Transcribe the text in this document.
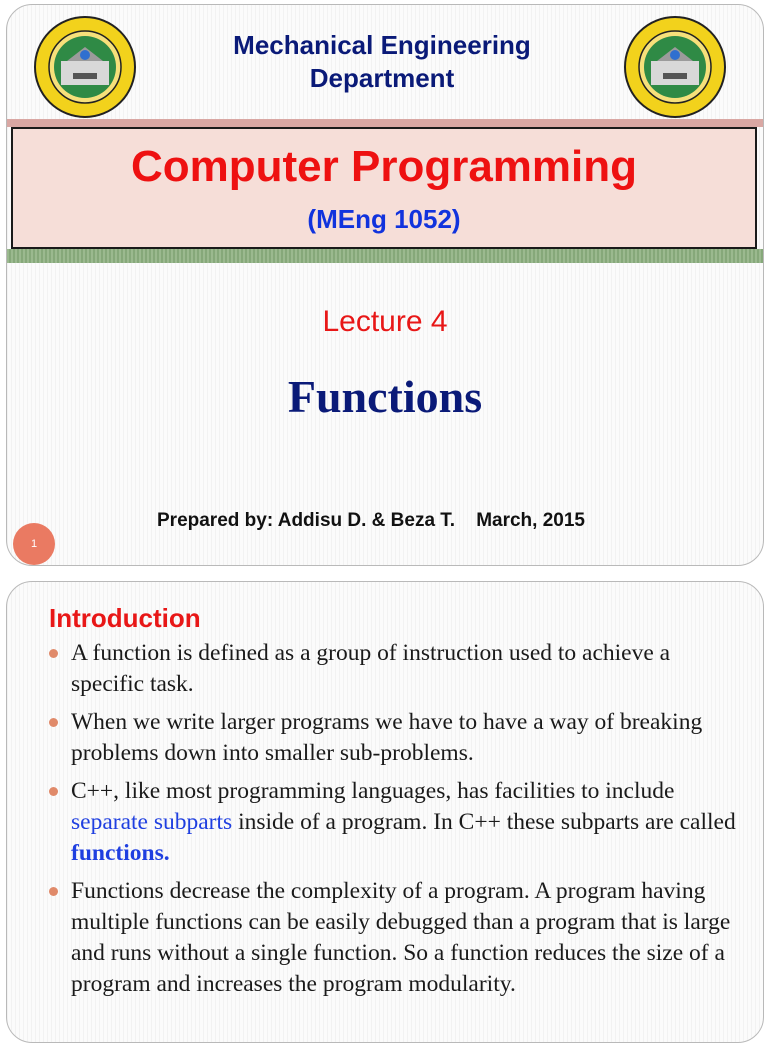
Mechanical Engineering
Department
Computer Programming
(MEng 1052)
Lecture 4
Functions
Prepared by: Addisu D. & Beza T.    March, 2015
1
Introduction
A function is defined as a group of instruction used to achieve a specific task.
When we write larger programs we have to have a way of breaking problems down into smaller sub-problems.
C++, like most programming languages, has facilities to include separate subparts inside of a program. In C++ these subparts are called functions.
Functions decrease the complexity of a program. A program having multiple functions can be easily debugged than a program that is large and runs without a single function. So a function reduces the size of a program and increases the program modularity.
